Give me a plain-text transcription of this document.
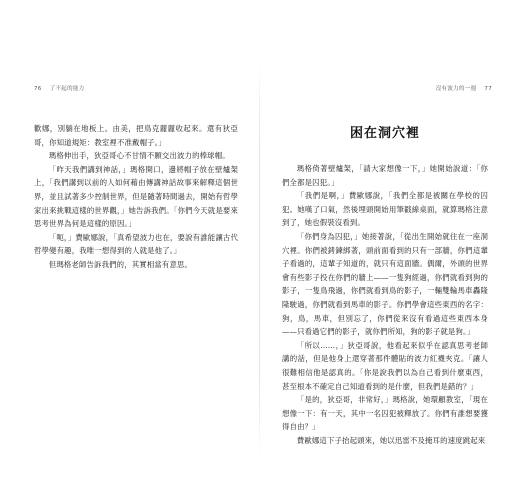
76 了不起的能力

歡娜，別躺在地板上。由美，把鳥克麗麗收起來。還有狄亞哥，你知道規矩：教室裡不准戴帽子。」

瑪格伸出手，狄亞哥心不甘情不願交出波力的棒球帽。

「昨天我們講到神話，」瑪格開口，邊將帽子放在壁爐架上，「我們講到以前的人如何藉由傳講神話故事來解釋這個世界，並且試著多少控制世界，但是隨著時間過去，開始有哲學家出來挑戰這樣的世界觀，」她告訴我們。「你們今天就是要來思考世界為何是這樣的原因。」

「呃，」費歐娜說，「真希望波力也在，要說有誰能讓古代哲學變有趣，我唯一想得到的人就是他了。」

但瑪格老師告訴我們的，其實相當有意思。

沒有波力的一週 77
困在洞穴裡

瑪格倚著壁爐架，「請大家想像一下，」她開始說道：「你們全都是囚犯。」

「我們是啊，」費歐娜說，「我們全都是被關在學校的囚犯。她嘆了口氣，然後埋頭開始用筆戳線桌面，就算瑪格注意到了，她也假裝沒看到。

「你們身為囚犯，」她接著說，「從出生開始就住在一座洞穴裡。你們被銬鍊綁著，頭前面看到的只有一部牆，你們這輩子看過的，這輩子知道的，就只有這面牆。偶爾，外頭的世界會有些影子投在你們的牆上——一隻狗經過，你們就看到狗的影子，一隻鳥飛過，你們就看到鳥的影子，一輛雙輪馬車轟隆隆駛過，你們就看到馬車的影子。你們學會這些東西的名字：狗，鳥，馬車，但別忘了，你們從來沒有看過這些東西本身——只看過它們的影子，就你們所知，狗的影子就是狗。」

「所以……，」狄亞哥說，他看起來似乎在認真思考老師講的話，但是他身上還穿著那件體貼的波力紅襪夾克。「讓人很難相信他是認真的。「你是說我們以為自己看到什麼東西，甚至根本不確定自己知道看到的是什麼，但我們是錯的？」

「是的，狄亞哥，非常好，」瑪格說，她環顧教室，「現在想像一下：有一天，其中一名囚犯被釋放了。你們有誰想要獲得自由？」

費歐娜這下子抬起頭來，她以迅雷不及掩耳的速度跳起來
